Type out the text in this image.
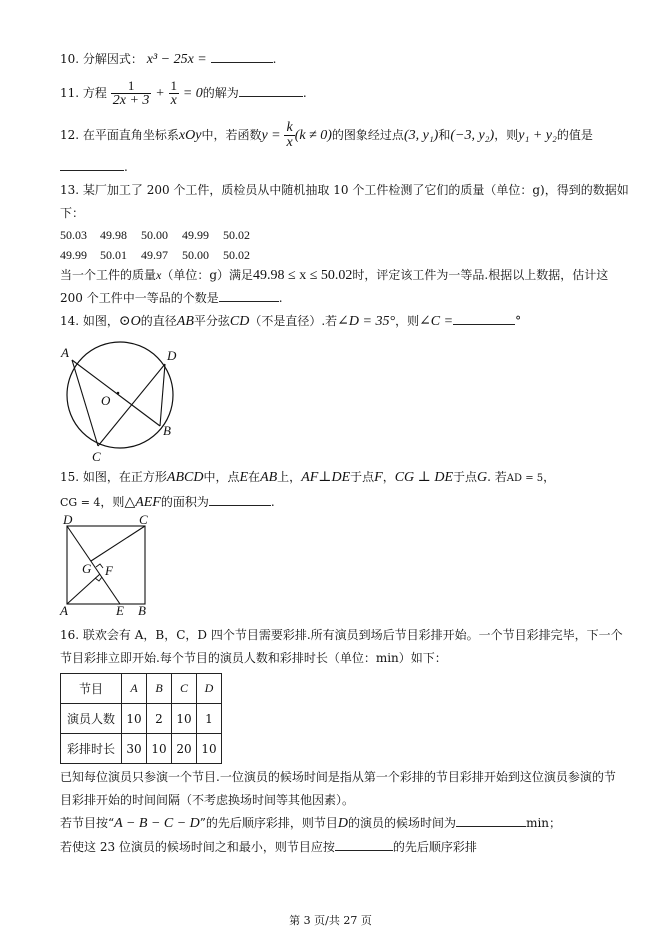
10. 分解因式： x³ − 25x =	.
11. 方程 $\frac{1}{2x + 3} + \frac{1}{x} = 0$的解为	.
12. 在平面直角坐标系xOy中，若函数$y = \frac{k}{x} (k \ne 0)$的图象经过点(3, y₁)和(−3, y₂)，则y₁ + y₂的值是
.
13. 某厂加工了 200 个工件，质检员从中随机抽取 10 个工件检测了它们的质量（单位：g)，得到的数据如
下：
50.03 49.98 50.00 49.99 50.02
49.99 50.01 49.97 50.00 50.02
当一个工件的质量x（单位：g）满足49.98 ≤ x ≤ 50.02时，评定该工件为一等品.根据以上数据，估计这
200 个工件中一等品的个数是	.
14. 如图，⊙O的直径AB平分弦CD（不是直径）.若∠D = 35°，则∠C =	°
A	D
O
B
C
15. 如图，在正方形ABCD中，点E在AB上，AF⊥DE于点F，CG ⊥ DE于点G. 若AD = 5，
CG = 4，则△AEF的面积为	.
D	C
G F
A	E B
16. 联欢会有 A，B，C，D 四个节目需要彩排.所有演员到场后节目彩排开始。一个节目彩排完毕，下一个
节目彩排立即开始.每个节目的演员人数和彩排时长（单位：min）如下：
节目	A	B	C	D
演员人数	10	2	10	1
彩排时长	30	10	20	10
已知每位演员只参演一个节目.一位演员的候场时间是指从第一个彩排的节目彩排开始到这位演员参演的节
目彩排开始的时间间隔（不考虑换场时间等其他因素）。
若节目按“A − B − C − D”的先后顺序彩排，则节目D的演员的候场时间为	min；
若使这 23 位演员的候场时间之和最小，则节目应按	的先后顺序彩排
第 3 页/共 27 页
